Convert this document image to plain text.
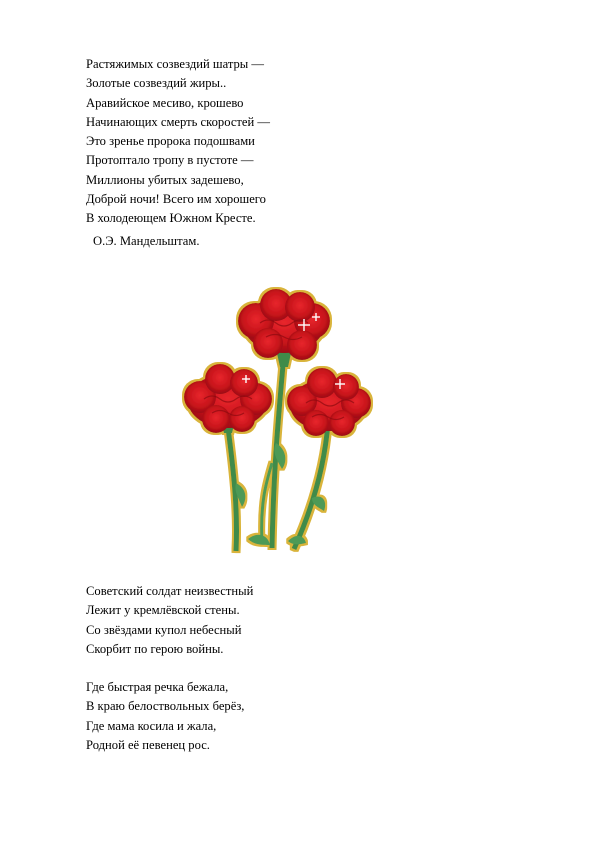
Растяжимых созвездий шатры —
Золотые созвездий жиры..
Аравийское месиво, крошево
Начинающих смерть скоростей —
Это зренье пророка подошвами
Протоптало тропу в пустоте —
Миллионы убитых задешево,
Доброй ночи! Всего им хорошего
В холодеющем Южном Кресте.
О.Э. Мандельштам.
Советский солдат неизвестный
Лежит у кремлёвской стены.
Со звёздами купол небесный
Скорбит по герою войны.
Где быстрая речка бежала,
В краю белоствольных берёз,
Где мама косила и жала,
Родной её певенец рос.
